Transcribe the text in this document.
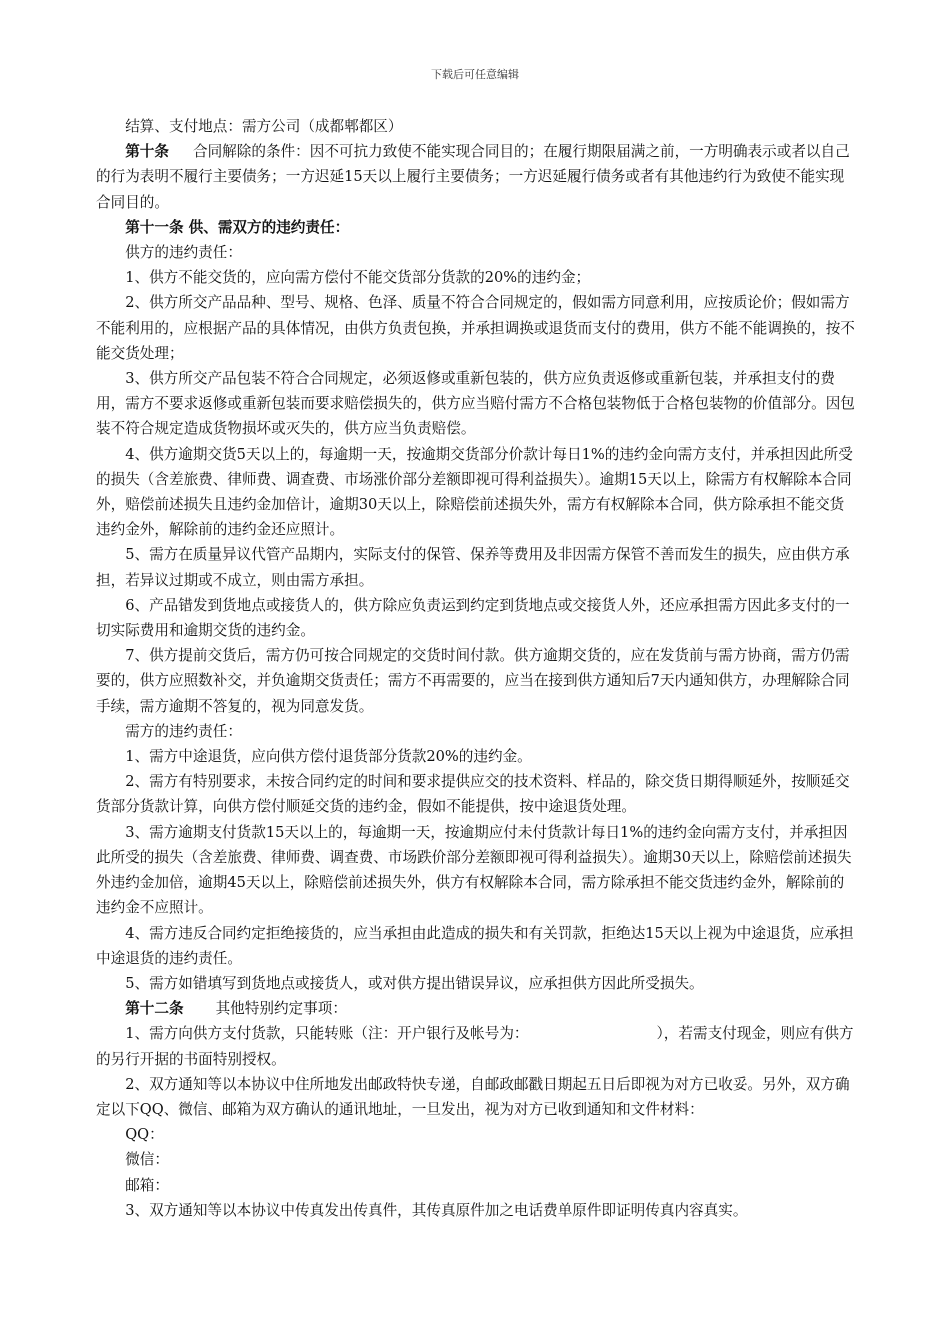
下载后可任意编辑

结算、支付地点：需方公司（成都郫都区）

第十条 合同解除的条件：因不可抗力致使不能实现合同目的；在履行期限届满之前，一方明确表示或者以自己的行为表明不履行主要债务；一方迟延15天以上履行主要债务；一方迟延履行债务或者有其他违约行为致使不能实现合同目的。

第十一条 供、需双方的违约责任：

供方的违约责任：

1、供方不能交货的，应向需方偿付不能交货部分货款的20%的违约金；

2、供方所交产品品种、型号、规格、色泽、质量不符合合同规定的，假如需方同意利用，应按质论价；假如需方不能利用的，应根据产品的具体情况，由供方负责包换，并承担调换或退货而支付的费用，供方不能不能调换的，按不能交货处理；

3、供方所交产品包装不符合合同规定，必须返修或重新包装的，供方应负责返修或重新包装，并承担支付的费用，需方不要求返修或重新包装而要求赔偿损失的，供方应当赔付需方不合格包装物低于合格包装物的价值部分。因包装不符合规定造成货物损坏或灭失的，供方应当负责赔偿。

4、供方逾期交货5天以上的，每逾期一天，按逾期交货部分价款计每日1%的违约金向需方支付，并承担因此所受的损失（含差旅费、律师费、调查费、市场涨价部分差额即视可得利益损失）。逾期15天以上，除需方有权解除本合同外，赔偿前述损失且违约金加倍计，逾期30天以上，除赔偿前述损失外，需方有权解除本合同，供方除承担不能交货违约金外，解除前的违约金还应照计。

5、需方在质量异议代管产品期内，实际支付的保管、保养等费用及非因需方保管不善而发生的损失，应由供方承担，若异议过期或不成立，则由需方承担。

6、产品错发到货地点或接货人的，供方除应负责运到约定到货地点或交接货人外，还应承担需方因此多支付的一切实际费用和逾期交货的违约金。

7、供方提前交货后，需方仍可按合同规定的交货时间付款。供方逾期交货的，应在发货前与需方协商，需方仍需要的，供方应照数补交，并负逾期交货责任；需方不再需要的，应当在接到供方通知后7天内通知供方，办理解除合同手续，需方逾期不答复的，视为同意发货。

需方的违约责任：

1、需方中途退货，应向供方偿付退货部分货款20%的违约金。

2、需方有特别要求，未按合同约定的时间和要求提供应交的技术资料、样品的，除交货日期得顺延外，按顺延交货部分货款计算，向供方偿付顺延交货的违约金，假如不能提供，按中途退货处理。

3、需方逾期支付货款15天以上的，每逾期一天，按逾期应付未付货款计每日1%的违约金向需方支付，并承担因此所受的损失（含差旅费、律师费、调查费、市场跌价部分差额即视可得利益损失）。逾期30天以上，除赔偿前述损失外违约金加倍，逾期45天以上，除赔偿前述损失外，供方有权解除本合同，需方除承担不能交货违约金外，解除前的违约金不应照计。

4、需方违反合同约定拒绝接货的，应当承担由此造成的损失和有关罚款，拒绝达15天以上视为中途退货，应承担中途退货的违约责任。

5、需方如错填写到货地点或接货人，或对供方提出错误异议，应承担供方因此所受损失。

第十二条 其他特别约定事项：

1、需方向供方支付货款，只能转账（注：开户银行及帐号为：	），若需支付现金，则应有供方的另行开据的书面特别授权。

2、双方通知等以本协议中住所地发出邮政特快专递，自邮政邮戳日期起五日后即视为对方已收妥。另外，双方确定以下QQ、微信、邮箱为双方确认的通讯地址，一旦发出，视为对方已收到通知和文件材料：

QQ：

微信：

邮箱：

3、双方通知等以本协议中传真发出传真件，其传真原件加之电话费单原件即证明传真内容真实。
